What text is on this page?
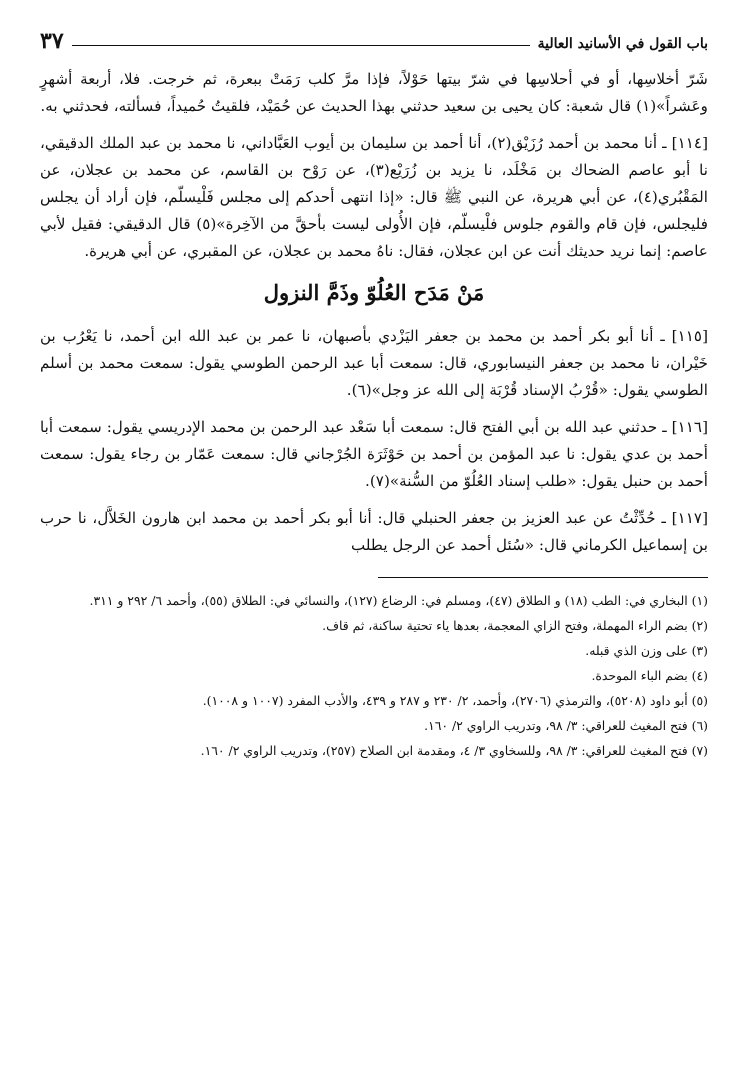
باب القول في الأسانيد العالية
٣٧

شَرّ أخلاسِها، أو في أحلاسِها في شرّ بيتها حَوْلاً، فإذا مرَّ كلب رَمَتْ ببعرة، ثم خرجت. فلا، أربعة أشهرٍ وعَشراً»(١) قال شعبة: كان يحيى بن سعيد حدثني بهذا الحديث عن حُمَيْد، فلقيتُ حُميداً، فسألته، فحدثني به.

[١١٤] ـ أنا محمد بن أحمد رُزَيْق(٢)، أنا أحمد بن سليمان بن أيوب العَبَّاداني، نا محمد بن عبد الملك الدقيقي، نا أبو عاصم الضحاك بن مَخْلَد، نا يزيد بن زُرَيْع(٣)، عن رَوْح بن القاسم، عن محمد بن عجلان، عن المَقْبُري(٤)، عن أبي هريرة، عن النبي ﷺ قال: «إذا انتهى أحدكم إلى مجلس فَلْيسلّم، فإن أراد أن يجلس فليجلس، فإن قام والقوم جلوس فلْيسلّم، فإن الأُولى ليست بأحقَّ من الآخِرة»(٥) قال الدقيقي: فقيل لأبي عاصم: إنما نريد حديثك أنت عن ابن عجلان، فقال: ناهُ محمد بن عجلان، عن المقبري، عن أبي هريرة.

مَنْ مَدَح العُلُوّ وذَمَّ النزول

[١١٥] ـ أنا أبو بكر أحمد بن محمد بن جعفر اليَزْدي بأصبهان، نا عمر بن عبد الله ابن أحمد، نا يَعْرُب بن خَيْران، نا محمد بن جعفر النيسابوري، قال: سمعت أبا عبد الرحمن الطوسي يقول: سمعت محمد بن أسلم الطوسي يقول: «قُرْبُ الإسناد قُرْبَة إلى الله عز وجل»(٦).

[١١٦] ـ حدثني عبد الله بن أبي الفتح قال: سمعت أبا سَعْد عبد الرحمن بن محمد الإدريسي يقول: سمعت أبا أحمد بن عدي يقول: نا عبد المؤمن بن أحمد بن حَوْثَرَة الجُرْجاني قال: سمعت عَمّار بن رجاء يقول: سمعت أحمد بن حنبل يقول: «طلب إسناد العُلُوّ من السُّنة»(٧).

[١١٧] ـ حُدِّثْتُ عن عبد العزيز بن جعفر الحنبلي قال: أنا أبو بكر أحمد بن محمد ابن هارون الخَلاَّل، نا حرب بن إسماعيل الكرماني قال: «سُئل أحمد عن الرجل يطلب

(١) البخاري في: الطب (١٨) و الطلاق (٤٧)، ومسلم في: الرضاع (١٢٧)، والنسائي في: الطلاق (٥٥)، وأحمد ٦/ ٢٩٢ و ٣١١.

(٢) بضم الراء المهملة، وفتح الزاي المعجمة، بعدها ياء تحتية ساكنة، ثم قاف.

(٣) على وزن الذي قبله.

(٤) بضم الباء الموحدة.

(٥) أبو داود (٥٢٠٨)، والترمذي (٢٧٠٦)، وأحمد، ٢/ ٢٣٠ و ٢٨٧ و ٤٣٩، والأدب المفرد (١٠٠٧ و ١٠٠٨).

(٦) فتح المغيث للعراقي: ٣/ ٩٨، وتدريب الراوي ٢/ ١٦٠.

(٧) فتح المغيث للعراقي: ٣/ ٩٨، وللسخاوي ٣/ ٤، ومقدمة ابن الصلاح (٢٥٧)، وتدريب الراوي ٢/ ١٦٠.
